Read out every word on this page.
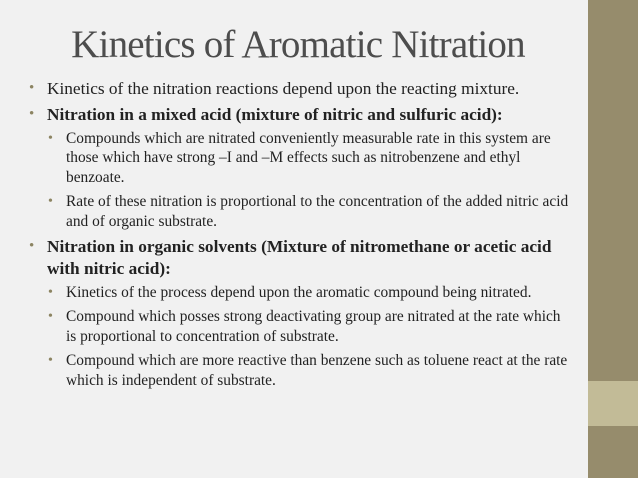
Kinetics of Aromatic Nitration
• Kinetics of the nitration reactions depend upon the reacting mixture.
• Nitration in a mixed acid (mixture of nitric and sulfuric acid):
• Compounds which are nitrated conveniently measurable rate in this system are those which have strong –I and –M effects such as nitrobenzene and ethyl benzoate.
• Rate of these nitration is proportional to the concentration of the added nitric acid and of organic substrate.
• Nitration in organic solvents (Mixture of nitromethane or acetic acid with nitric acid):
• Kinetics of the process depend upon the aromatic compound being nitrated.
• Compound which posses strong deactivating group are nitrated at the rate which is proportional to concentration of substrate.
• Compound which are more reactive than benzene such as toluene react at the rate which is independent of substrate.
